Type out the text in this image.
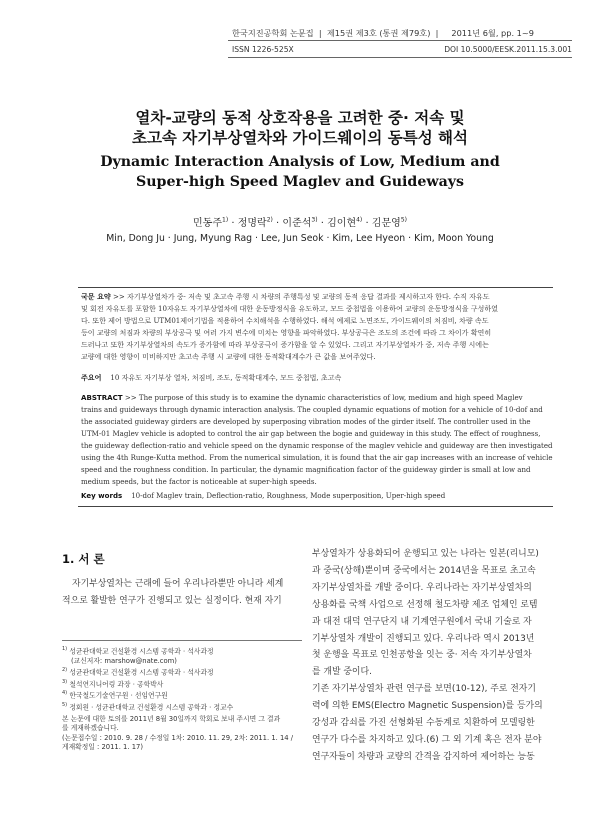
한국지진공학회 논문집  |  제15권 제3호 (통권 제79호)  |     2011년 6월, pp. 1~9
ISSN 1226-525X	DOI 10.5000/EESK.2011.15.3.001
열차-교량의 동적 상호작용을 고려한 중· 저속 및
초고속 자기부상열차와 가이드웨이의 동특성 해석
Dynamic Interaction Analysis of Low, Medium and
Super-high Speed Maglev and Guideways
민동주$^{1)}$ · 정명락$^{2)}$ · 이준석$^{3)}$ · 김이현$^{4)}$ · 김문영$^{5)}$
Min, Dong Ju · Jung, Myung Rag · Lee, Jun Seok · Kim, Lee Hyeon · Kim, Moon Young
국문 요약 >> 자기부상열차가 중· 저속 및 초고속 주행 시 차량의 주행특성 및 교량의 동적 응답 결과를 제시하고자 한다. 수직 자유도
및 회전 자유도를 포함한 10자유도 자기부상열차에 대한 운동방정식을 유도하고, 모드 중첩법을 이용하여 교량의 운동방정식을 구성하였
다. 또한 제어 방법으로 UTM01제어기법을 적용하여 수치해석을 수행하였다. 해석 예제로 노면조도, 가이드웨이의 처짐비, 차량 속도
등이 교량의 처짐과 차량의 부상공극 및 여러 가지 변수에 미치는 영향을 파악하였다. 부상공극은 조도의 조건에 따라 그 차이가 확연히
드러나고 또한 자기부상열차의 속도가 증가함에 따라 부상공극이 증가함을 알 수 있었다. 그리고 자기부상열차가 중, 저속 주행 시에는
교량에 대한 영향이 미비하지만 초고속 주행 시 교량에 대한 동적확대계수가 큰 값을 보여주었다.
주요어 10 자유도 자기부상 열차, 처짐비, 조도, 동적확대계수, 모드 중첩법, 초고속
ABSTRACT >> The purpose of this study is to examine the dynamic characteristics of low, medium and high speed Maglev
trains and guideways through dynamic interaction analysis. The coupled dynamic equations of motion for a vehicle of 10-dof and
the associated guideway girders are developed by superposing vibration modes of the girder itself. The controller used in the
UTM-01 Maglev vehicle is adopted to control the air gap between the bogie and guideway in this study. The effect of roughness,
the guideway deflection-ratio and vehicle speed on the dynamic response of the maglev vehicle and guideway are then investigated
using the 4th Runge-Kutta method. From the numerical simulation, it is found that the air gap increases with an increase of vehicle
speed and the roughness condition. In particular, the dynamic magnification factor of the guideway girder is small at low and
medium speeds, but the factor is noticeable at super-high speeds.
Key words 10-dof Maglev train, Deflection-ratio, Roughness, Mode superposition, Uper-high speed
1. 서 론
자기부상열차는 근래에 들어 우리나라뿐만 아니라 세계
적으로 활발한 연구가 진행되고 있는 실정이다. 현재 자기
부상열차가 상용화되어 운행되고 있는 나라는 일본(리니모)
과 중국(상해)뿐이며 중국에서는 2014년을 목표로 초고속
자기부상열차를 개발 중이다. 우리나라는 자기부상열차의
상용화를 국책 사업으로 선정해 철도차량 제조 업체인 로템
과 대전 대덕 연구단지 내 기계연구원에서 국내 기술로 자
기부상열차 개발이 진행되고 있다. 우리나라 역시 2013년
첫 운행을 목표로 인천공항을 잇는 중· 저속 자기부상열차
를 개발 중이다.
기존 자기부상열차 관련 연구를 보면(10-12), 주로 전자기
력에 의한 EMS(Electro Magnetic Suspension)를 등가의
강성과 감쇠를 가진 선형화된 수동계로 치환하여 모델링한
연구가 다수를 차지하고 있다.(6) 그 외 기계 혹은 전자 분야
연구자들이 차량과 교량의 간격을 감지하여 제어하는 능동
$^{1)}$ 성균관대학교 건설환경 시스템 공학과 · 석사과정
(교신저자: marshow@nate.com)
$^{2)}$ 성균관대학교 건설환경 시스템 공학과 · 석사과정
$^{3)}$ 철석연지니어링 과장 · 공학박사
$^{4)}$ 한국철도기술연구원 · 선임연구원
$^{5)}$ 정회원 · 성균관대학교 건설환경 시스템 공학과 · 정교수
본 논문에 대한 토의를 2011년 8월 30일까지 학회로 보내 주시면 그 결과
를 게재하겠습니다.
(논문접수일 : 2010. 9. 28 / 수정일 1차: 2010. 11. 29, 2차: 2011. 1. 14 /
게재확정일 : 2011. 1. 17)
